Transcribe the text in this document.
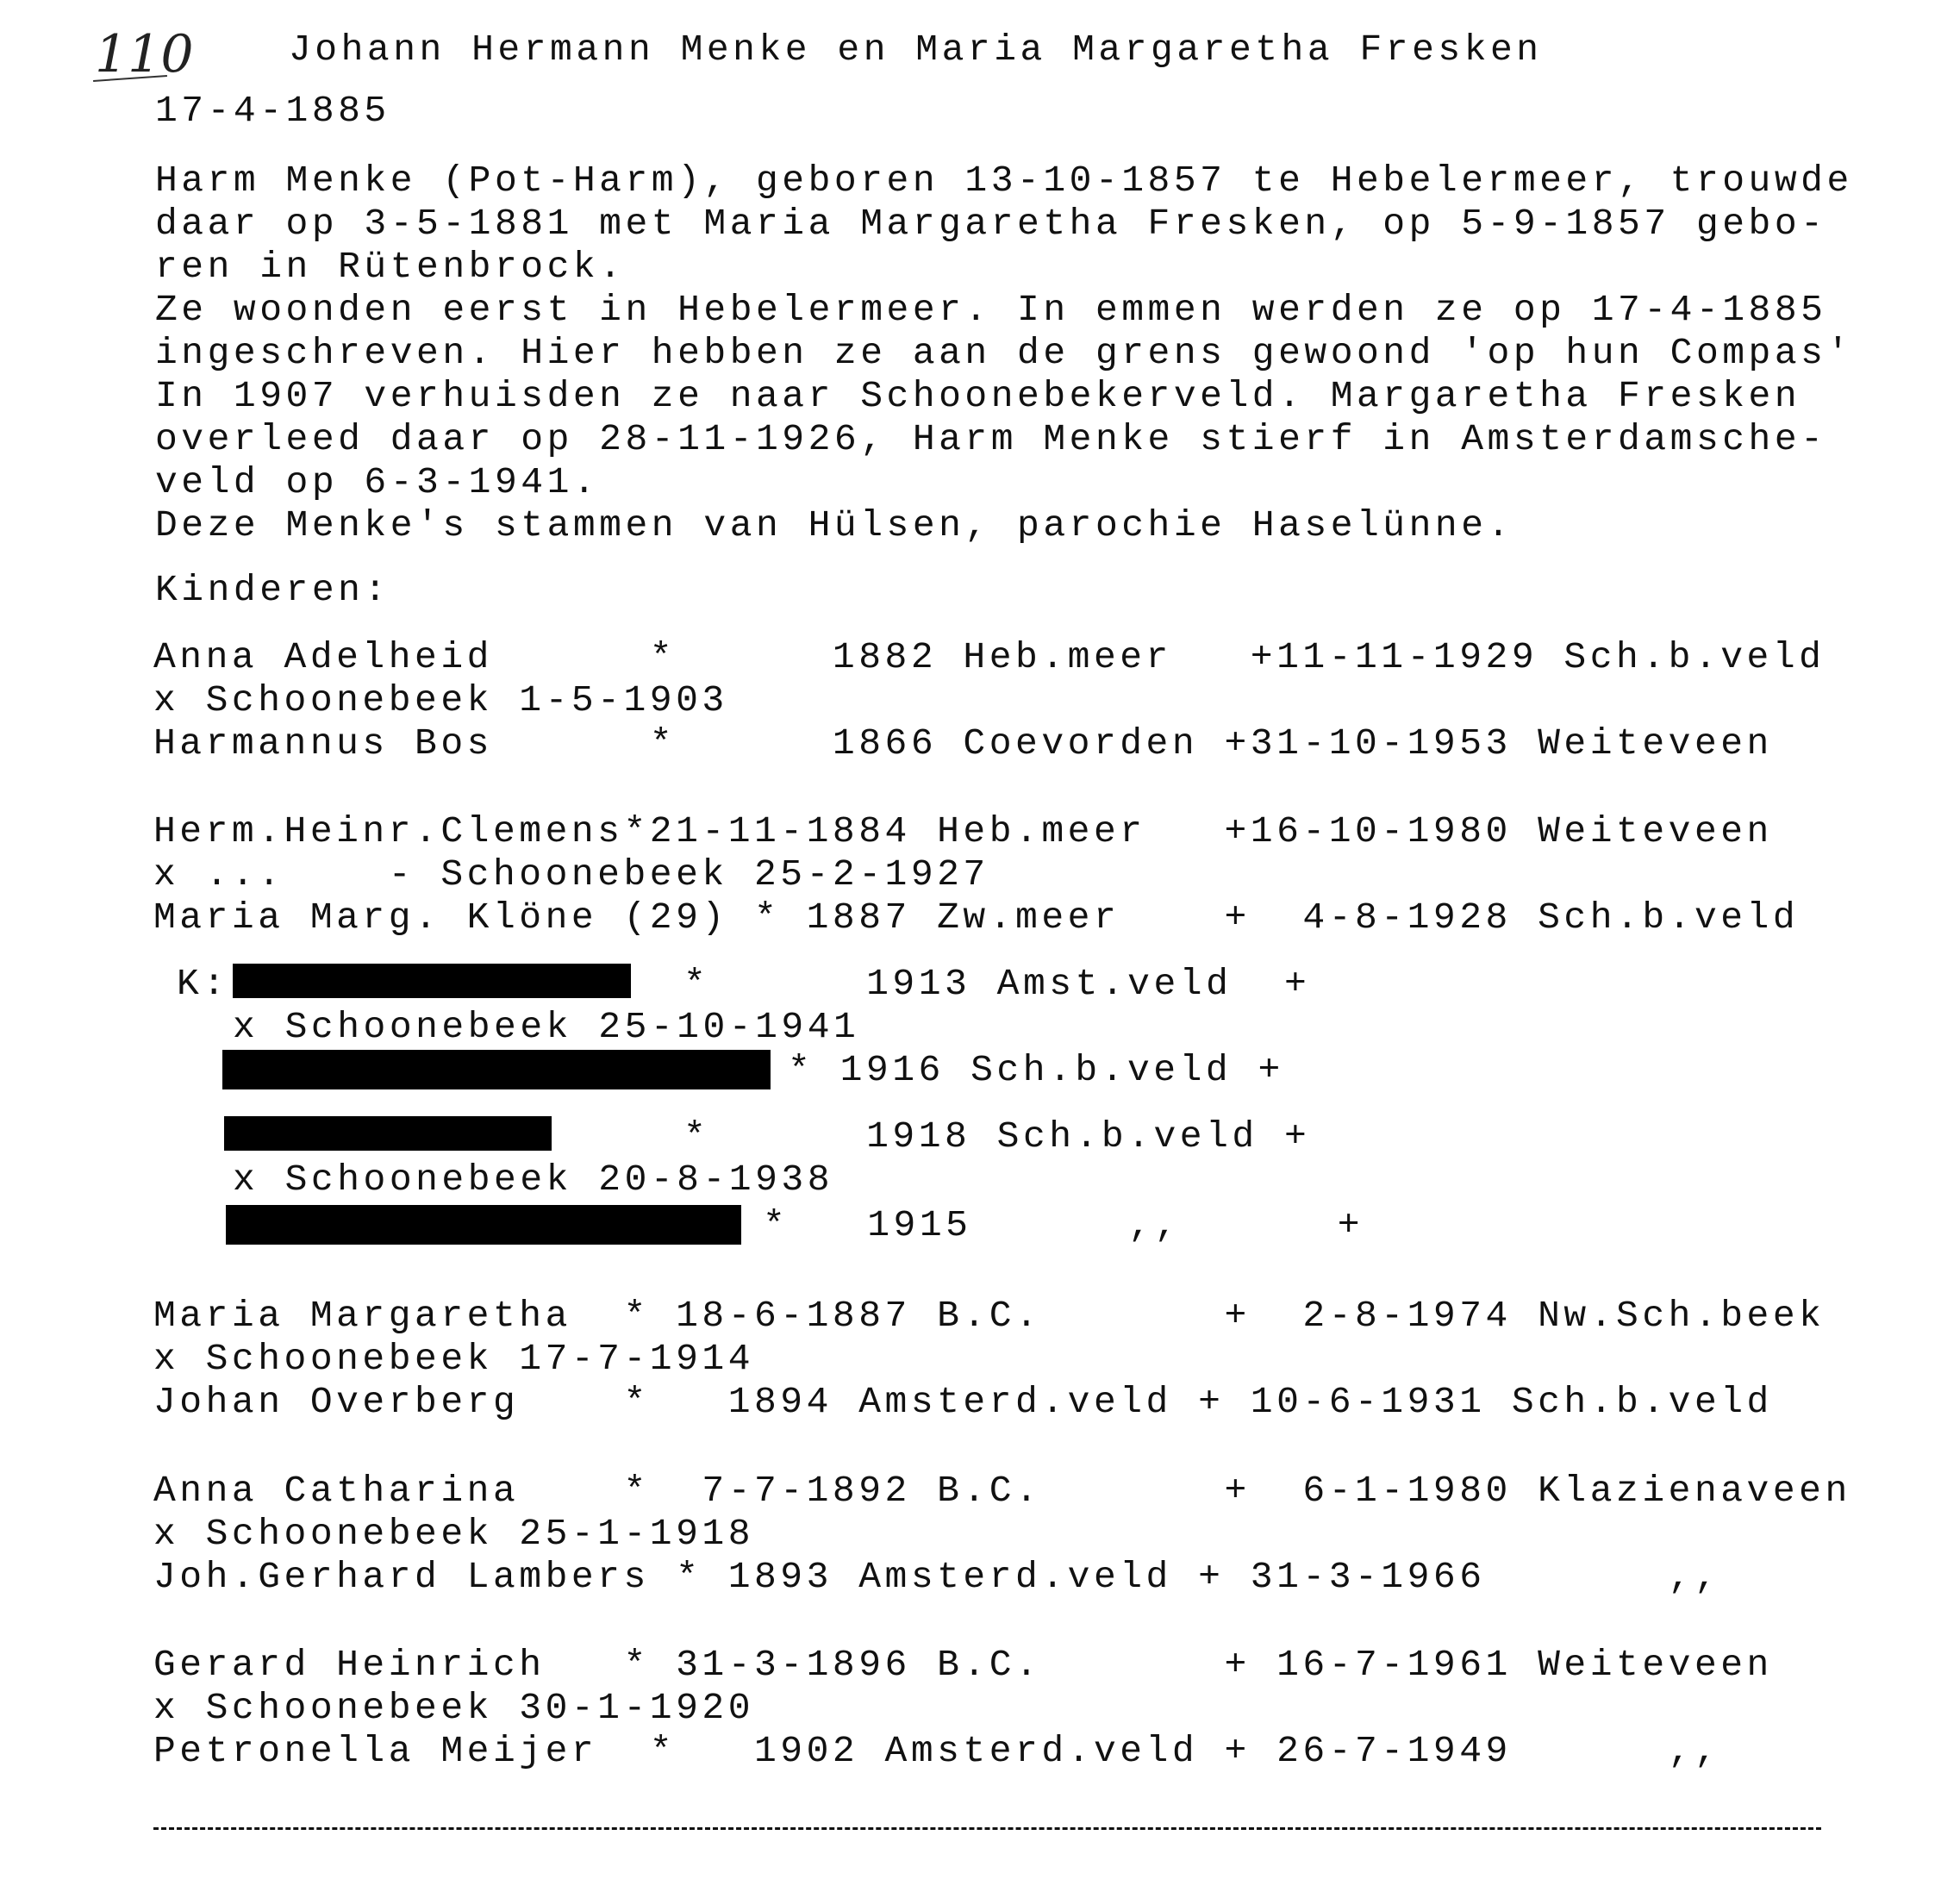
110	Johann Hermann Menke en Maria Margaretha Fresken
17-4-1885
Harm Menke (Pot-Harm), geboren 13-10-1857 te Hebelermeer, trouwde
daar op 3-5-1881 met Maria Margaretha Fresken, op 5-9-1857 gebo-
ren in Rütenbrock.
Ze woonden eerst in Hebelermeer. In emmen werden ze op 17-4-1885
ingeschreven. Hier hebben ze aan de grens gewoond 'op hun Compas'
In 1907 verhuisden ze naar Schoonebekerveld. Margaretha Fresken
overleed daar op 28-11-1926, Harm Menke stierf in Amsterdamsche-
veld op 6-3-1941.
Deze Menke's stammen van Hülsen, parochie Haselünne.
Kinderen:
Anna Adelheid      *      1882 Heb.meer   +11-11-1929 Sch.b.veld
x Schoonebeek 1-5-1903
Harmannus Bos      *      1866 Coevorden +31-10-1953 Weiteveen
Herm.Heinr.Clemens*21-11-1884 Heb.meer   +16-10-1980 Weiteveen
x ...    - Schoonebeek 25-2-1927
Maria Marg. Klöne (29) * 1887 Zw.meer    +  4-8-1928 Sch.b.veld
K:	*      1913 Amst.veld  +
x Schoonebeek 25-10-1941
* 1916 Sch.b.veld +
*      1918 Sch.b.veld +
x Schoonebeek 20-8-1938
*   1915      ,,      +
Maria Margaretha  * 18-6-1887 B.C.       +  2-8-1974 Nw.Sch.beek
x Schoonebeek 17-7-1914
Johan Overberg    *   1894 Amsterd.veld + 10-6-1931 Sch.b.veld
Anna Catharina    *  7-7-1892 B.C.       +  6-1-1980 Klazienaveen
x Schoonebeek 25-1-1918
Joh.Gerhard Lambers * 1893 Amsterd.veld + 31-3-1966       ,,
Gerard Heinrich   * 31-3-1896 B.C.       + 16-7-1961 Weiteveen
x Schoonebeek 30-1-1920
Petronella Meijer  *   1902 Amsterd.veld + 26-7-1949      ,,
